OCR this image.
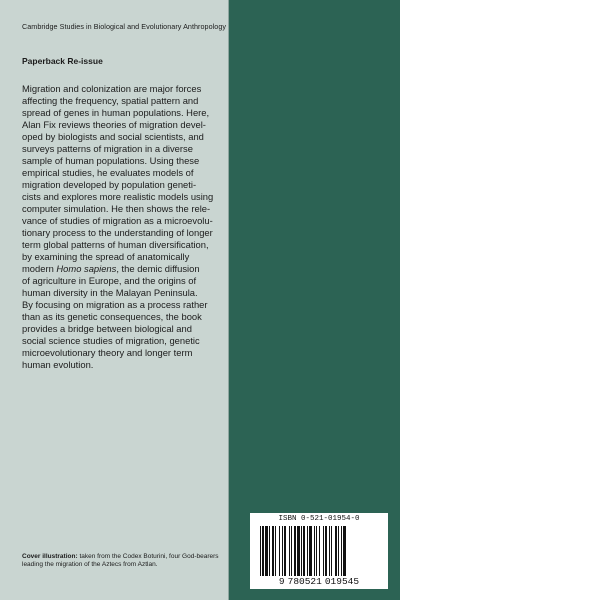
Cambridge Studies in Biological and Evolutionary Anthropology
Paperback Re-issue

Migration and colonization are major forces
affecting the frequency, spatial pattern and
spread of genes in human populations. Here,
Alan Fix reviews theories of migration devel-
oped by biologists and social scientists, and
surveys patterns of migration in a diverse
sample of human populations. Using these
empirical studies, he evaluates models of
migration developed by population geneti-
cists and explores more realistic models using
computer simulation. He then shows the rele-
vance of studies of migration as a microevolu-
tionary process to the understanding of longer
term global patterns of human diversification,
by examining the spread of anatomically
modern Homo sapiens, the demic diffusion
of agriculture in Europe, and the origins of
human diversity in the Malayan Peninsula.
By focusing on migration as a process rather
than as its genetic consequences, the book
provides a bridge between biological and
social science studies of migration, genetic
microevolutionary theory and longer term
human evolution.

Cover illustration: taken from the Codex Boturini, four God-bearers
leading the migration of the Aztecs from Aztlan.
SBEA
Alan G. Fix is Professor of Anthropology
at the University of California, Riverside.
His primary research interest involves the
population genetics and demography of
small-scale human populations, work
which is based on extensive fieldwork
with the Semai Senoi of Malaysia.
CAMBRIDGE
UNIVERSITY PRESS
ISBN 0-521-01954-0
9 780521 019545
